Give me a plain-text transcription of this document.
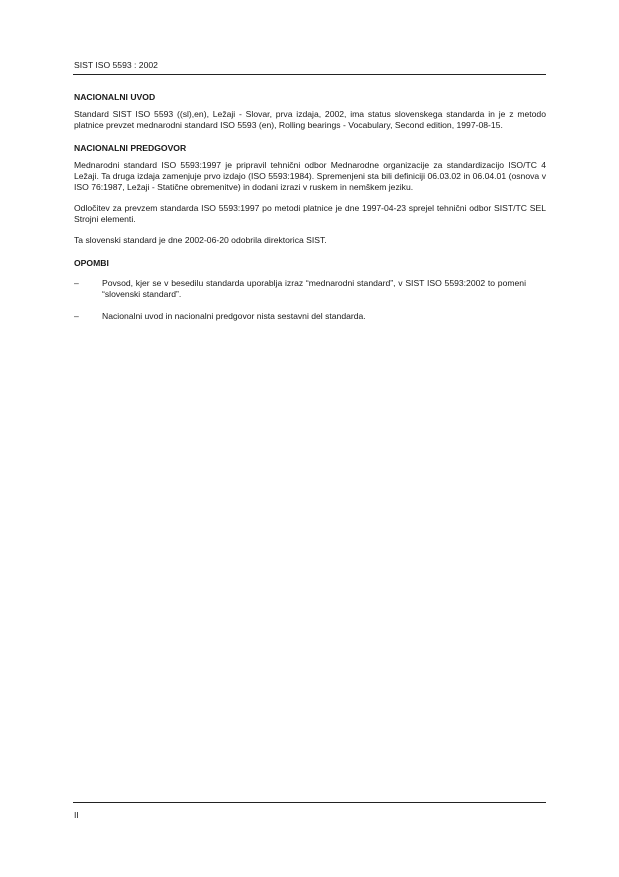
SIST ISO 5593 : 2002
NACIONALNI UVOD

Standard SIST ISO 5593 ((sl),en), Ležaji - Slovar, prva izdaja, 2002, ima status slovenskega standarda in je z metodo platnice prevzet mednarodni standard ISO 5593 (en), Rolling bearings - Vocabulary, Second edition, 1997-08-15.

NACIONALNI PREDGOVOR

Mednarodni standard ISO 5593:1997 je pripravil tehnični odbor Mednarodne organizacije za standardizacijo ISO/TC 4 Ležaji. Ta druga izdaja zamenjuje prvo izdajo (ISO 5593:1984). Spremenjeni sta bili definiciji 06.03.02 in 06.04.01 (osnova v ISO 76:1987, Ležaji - Statične obremenitve) in dodani izrazi v ruskem in nemškem jeziku.

Odločitev za prevzem standarda ISO 5593:1997 po metodi platnice je dne 1997-04-23 sprejel tehnični odbor SIST/TC SEL Strojni elementi.

Ta slovenski standard je dne 2002-06-20 odobrila direktorica SIST.

OPOMBI
–	Povsod, kjer se v besedilu standarda uporablja izraz “mednarodni standard”, v SIST ISO 5593:2002 to pomeni “slovenski standard”.
–	Nacionalni uvod in nacionalni predgovor nista sestavni del standarda.
II
